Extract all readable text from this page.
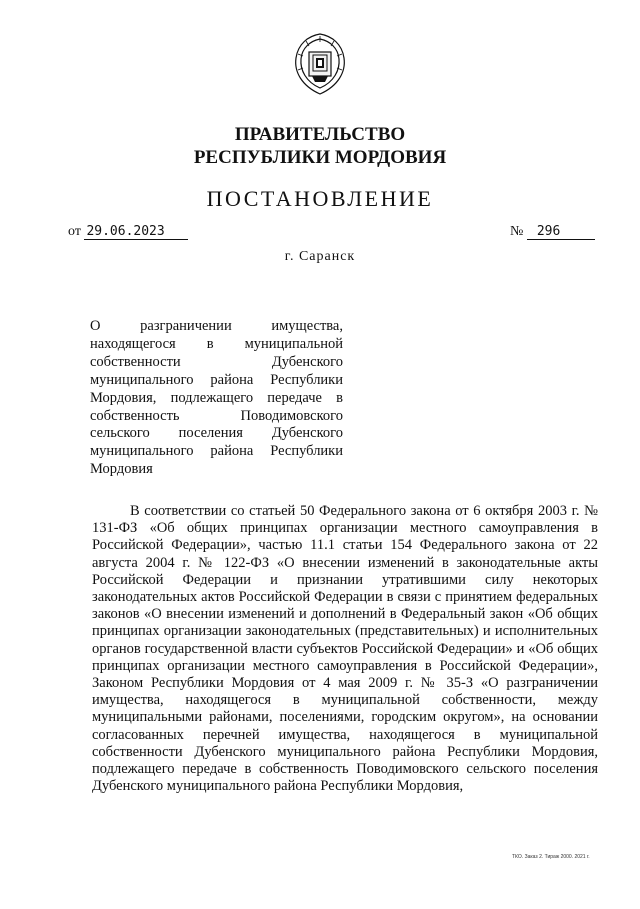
ПРАВИТЕЛЬСТВО
РЕСПУБЛИКИ МОРДОВИЯ
ПОСТАНОВЛЕНИЕ
от 29.06.2023	№ 296
г. Саранск
О разграничении имущества, находящегося в муниципальной собственности Дубенского муниципального района Республики Мордовия, подлежащего передаче в собственность Поводимовского сельского поселения Дубенского муниципального района Республики Мордовия

В соответствии со статьей 50 Федерального закона от 6 октября 2003 г. № 131-ФЗ «Об общих принципах организации местного самоуправления в Российской Федерации», частью 11.1 статьи 154 Федерального закона от 22 августа 2004 г. № 122-ФЗ «О внесении изменений в законодательные акты Российской Федерации и признании утратившими силу некоторых законодательных актов Российской Федерации в связи с принятием федеральных законов «О внесении изменений и дополнений в Федеральный закон «Об общих принципах организации законодательных (представительных) и исполнительных органов государственной власти субъектов Российской Федерации» и «Об общих принципах организации местного самоуправления в Российской Федерации», Законом Республики Мордовия от 4 мая 2009 г. № 35-З «О разграничении имущества, находящегося в муниципальной собственности, между муниципальными районами, поселениями, городским округом», на основании согласованных перечней имущества, находящегося в муниципальной собственности Дубенского муниципального района Республики Мордовия, подлежащего передаче в собственность Поводимовского сельского поселения Дубенского муниципального района Республики Мордовия,

ТКО. Заказ 2. Тираж 2000. 2021 г.
